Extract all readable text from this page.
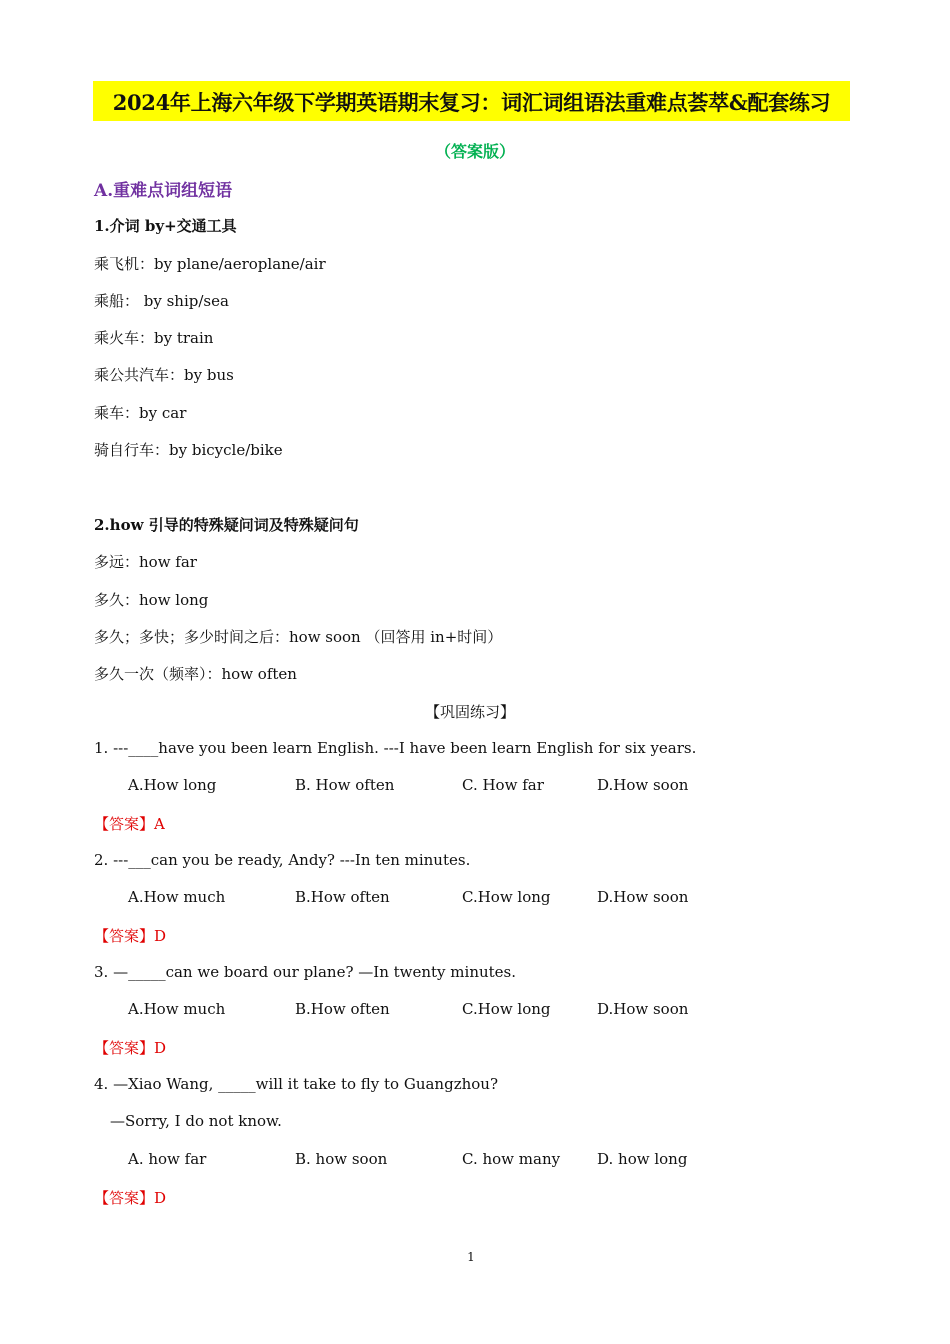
2024年上海六年级下学期英语期末复习：词汇词组语法重难点荟萃&配套练习
（答案版）
A.重难点词组短语
1.介词 by+交通工具
乘飞机：by plane/aeroplane/air
乘船： by ship/sea
乘火车：by train
乘公共汽车：by bus
乘车：by car
骑自行车：by bicycle/bike
2.how 引导的特殊疑问词及特殊疑问句
多远：how far
多久：how long
多久；多快；多少时间之后：how soon （回答用 in+时间）
多久一次（频率）：how often
【巩固练习】
1. ---____have you been learn English. ---I have been learn English for six years.
A.How long	B. How often	C. How far	D.How soon
【答案】A
2. ---___can you be ready, Andy? ---In ten minutes.
A.How much	B.How often	C.How long	D.How soon
【答案】D
3. —_____can we board our plane? —In twenty minutes.
A.How much	B.How often	C.How long	D.How soon
【答案】D
4. —Xiao Wang, _____will it take to fly to Guangzhou?
—Sorry, I do not know.
A. how far	B. how soon	C. how many D. how long
【答案】D
1
